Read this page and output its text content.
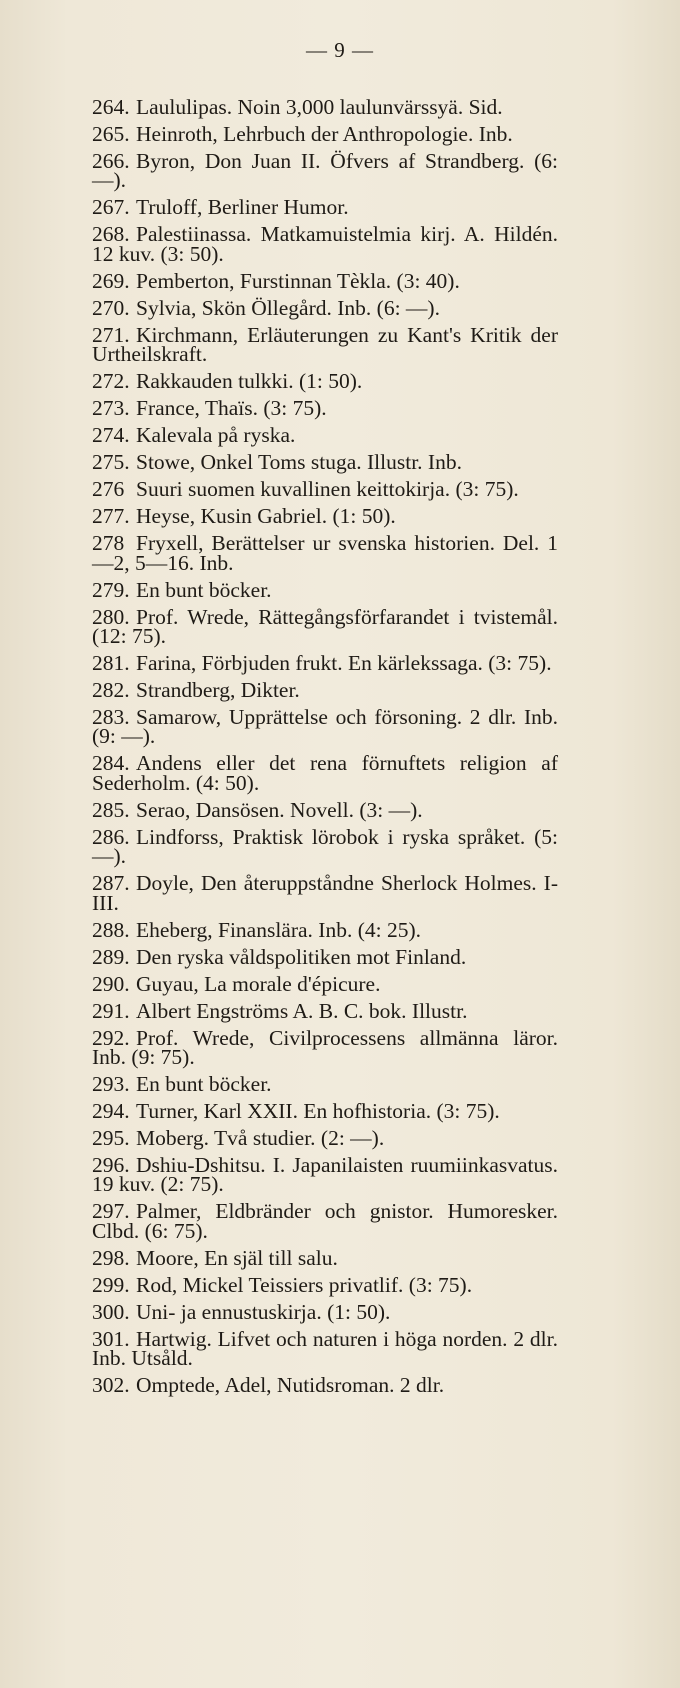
— 9 —

264. Laululipas. Noin 3,000 laulunvärssyä. Sid.

265. Heinroth, Lehrbuch der Anthropologie. Inb.

266. Byron, Don Juan II. Öfvers af Strandberg. (6: —).

267. Truloff, Berliner Humor.

268. Palestiinassa. Matkamuistelmia kirj. A. Hildén. 12 kuv. (3: 50).

269. Pemberton, Furstinnan Tèkla. (3: 40).

270. Sylvia, Skön Öllegård. Inb. (6: —).

271. Kirchmann, Erläuterungen zu Kant's Kritik der Urtheilskraft.

272. Rakkauden tulkki. (1: 50).

273. France, Thaïs. (3: 75).

274. Kalevala på ryska.

275. Stowe, Onkel Toms stuga. Illustr. Inb.

276 Suuri suomen kuvallinen keittokirja. (3: 75).

277. Heyse, Kusin Gabriel. (1: 50).

278 Fryxell, Berättelser ur svenska historien. Del. 1—2, 5—16. Inb.

279. En bunt böcker.

280. Prof. Wrede, Rättegångsförfarandet i tvistemål. (12: 75).

281. Farina, Förbjuden frukt. En kärlekssaga. (3: 75).

282. Strandberg, Dikter.

283. Samarow, Upprättelse och försoning. 2 dlr. Inb. (9: —).

284. Andens eller det rena förnuftets religion af Sederholm. (4: 50).

285. Serao, Dansösen. Novell. (3: —).

286. Lindforss, Praktisk lörobok i ryska språket. (5: —).

287. Doyle, Den återuppståndne Sherlock Holmes. I-III.

288. Eheberg, Finanslära. Inb. (4: 25).

289. Den ryska våldspolitiken mot Finland.

290. Guyau, La morale d'épicure.

291. Albert Engströms A. B. C. bok. Illustr.

292. Prof. Wrede, Civilprocessens allmänna läror. Inb. (9: 75).

293. En bunt böcker.

294. Turner, Karl XXII. En hofhistoria. (3: 75).

295. Moberg. Två studier. (2: —).

296. Dshiu-Dshitsu. I. Japanilaisten ruumiinkasvatus. 19 kuv. (2: 75).

297. Palmer, Eldbränder och gnistor. Humoresker. Clbd. (6: 75).

298. Moore, En själ till salu.

299. Rod, Mickel Teissiers privatlif. (3: 75).

300. Uni- ja ennustuskirja. (1: 50).

301. Hartwig. Lifvet och naturen i höga norden. 2 dlr. Inb. Utsåld.

302. Omptede, Adel, Nutidsroman. 2 dlr.
